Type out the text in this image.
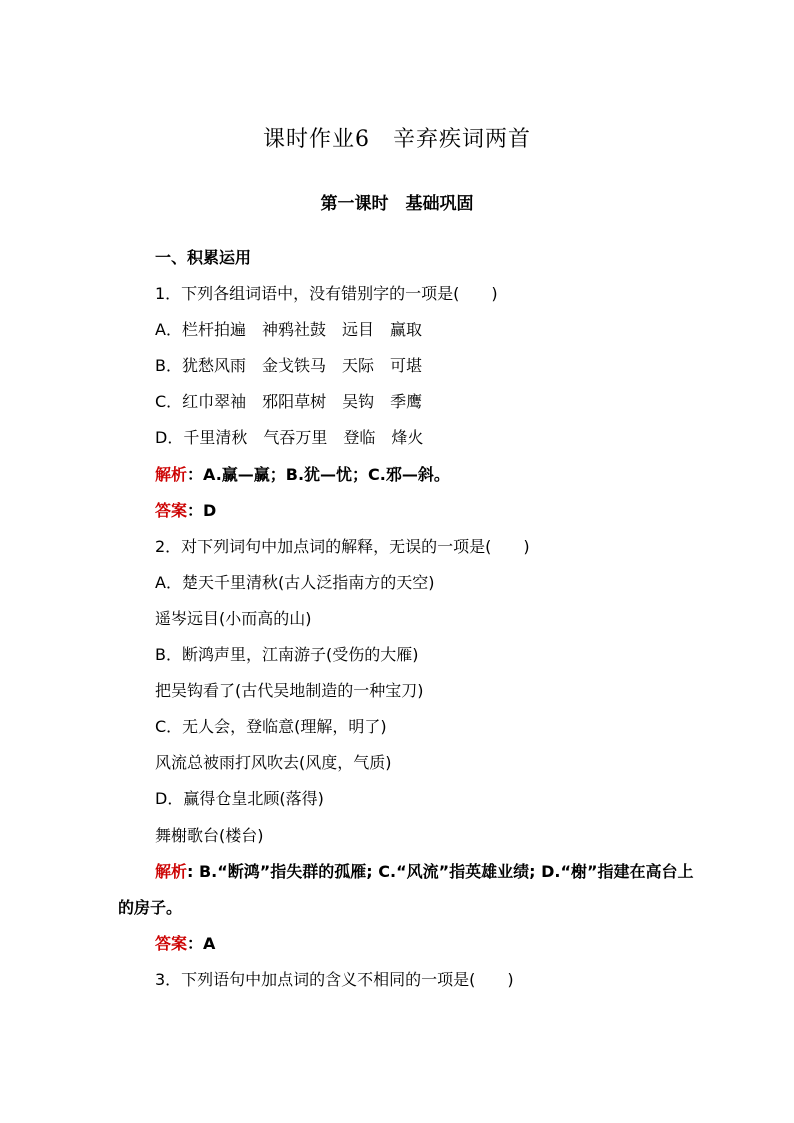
课时作业6　辛弃疾词两首
第一课时　基础巩固
一、积累运用
1．下列各组词语中，没有错别字的一项是(　　)
A．栏杆拍遍　神鸦社鼓　远目　赢取
B．犹愁风雨　金戈铁马　天际　可堪
C．红巾翠袖　邪阳草树　吴钩　季鹰
D．千里清秋　气吞万里　登临　烽火
解析：A.赢—赢；B.犹—忧；C.邪—斜。
答案：D
2．对下列词句中加点词的解释，无误的一项是(　　)
A．楚天千里清秋(古人泛指南方的天空)
遥岑远目(小而高的山)
B．断鸿声里，江南游子(受伤的大雁)
把吴钩看了(古代吴地制造的一种宝刀)
C．无人会，登临意(理解，明了)
风流总被雨打风吹去(风度，气质)
D．赢得仓皇北顾(落得)
舞榭歌台(楼台)
解析: B.“断鸿”指失群的孤雁; C.“风流”指英雄业绩; D.“榭”指建在高台上的房子。
答案：A
3．下列语句中加点词的含义不相同的一项是(　　)
